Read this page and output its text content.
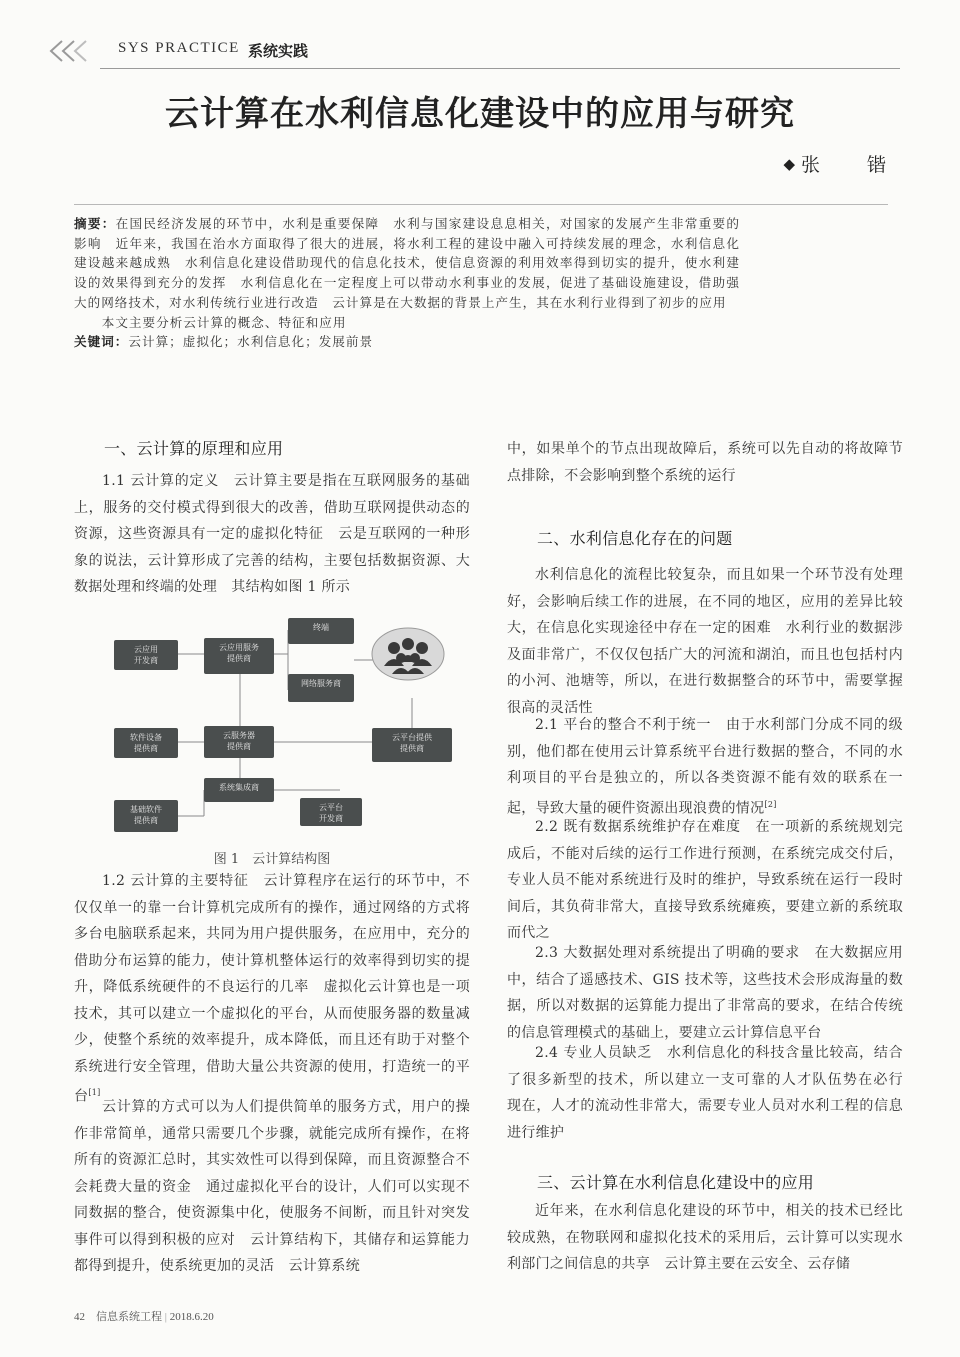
SYS PRACTICE 系统实践
云计算在水利信息化建设中的应用与研究
◆张　锴

摘要：在国民经济发展的环节中，水利是重要保障　水利与国家建设息息相关，对国家的发展产生非常重要的影响　近年来，我国在治水方面取得了很大的进展，将水利工程的建设中融入可持续发展的理念，水利信息化建设越来越成熟　水利信息化建设借助现代的信息化技术，使信息资源的利用效率得到切实的提升，使水利建设的效果得到充分的发挥　水利信息化在一定程度上可以带动水利事业的发展，促进了基础设施建设，借助强大的网络技术，对水利传统行业进行改造　云计算是在大数据的背景上产生，其在水利行业得到了初步的应用

本文主要分析云计算的概念、特征和应用

关键词：云计算；虚拟化；水利信息化；发展前景

一、云计算的原理和应用
1.1 云计算的定义　云计算主要是指在互联网服务的基础上，服务的交付模式得到很大的改善，借助互联网提供动态的资源，这些资源具有一定的虚拟化特征　云是互联网的一种形象的说法，云计算形成了完善的结构，主要包括数据资源、大数据处理和终端的处理　其结构如图 1 所示
1.2 云计算的主要特征　云计算程序在运行的环节中，不仅仅单一的靠一台计算机完成所有的操作，通过网络的方式将多台电脑联系起来，共同为用户提供服务，在应用中，充分的借助分布运算的能力，使计算机整体运行的效率得到切实的提升，降低系统硬件的不良运行的几率　虚拟化云计算也是一项技术，其可以建立一个虚拟化的平台，从而使服务器的数量减少，使整个系统的效率提升，成本降低，而且还有助于对整个系统进行安全管理，借助大量公共资源的使用，打造统一的平台[1]
云计算的方式可以为人们提供简单的服务方式，用户的操作非常简单，通常只需要几个步骤，就能完成所有操作，在将所有的资源汇总时，其实效性可以得到保障，而且资源整合不会耗费大量的资金　通过虚拟化平台的设计，人们可以实现不同数据的整合，使资源集中化，使服务不间断，而且针对突发事件可以得到积极的应对　云计算结构下，其储存和运算能力都得到提升，使系统更加的灵活　云计算系统
云应用
开发商
云应用服务
提供商
终端
网络服务商
软件设备
提供商
云服务器
提供商
云平台提供
提供商
系统集成商
基础软件
提供商
云平台
开发商
图 1　云计算结构图
中，如果单个的节点出现故障后，系统可以先自动的将故障节点排除，不会影响到整个系统的运行
二、水利信息化存在的问题
水利信息化的流程比较复杂，而且如果一个环节没有处理好，会影响后续工作的进展，在不同的地区，应用的差异比较大，在信息化实现途径中存在一定的困难　水利行业的数据涉及面非常广，不仅仅包括广大的河流和湖泊，而且也包括村内的小河、池塘等，所以，在进行数据整合的环节中，需要掌握很高的灵活性
2.1 平台的整合不利于统一　由于水利部门分成不同的级别，他们都在使用云计算系统平台进行数据的整合，不同的水利项目的平台是独立的，所以各类资源不能有效的联系在一起，导致大量的硬件资源出现浪费的情况[2]
2.2 既有数据系统维护存在难度　在一项新的系统规划完成后，不能对后续的运行工作进行预测，在系统完成交付后，专业人员不能对系统进行及时的维护，导致系统在运行一段时间后，其负荷非常大，直接导致系统瘫痪，要建立新的系统取而代之
2.3 大数据处理对系统提出了明确的要求　在大数据应用中，结合了遥感技术、GIS 技术等，这些技术会形成海量的数据，所以对数据的运算能力提出了非常高的要求，在结合传统的信息管理模式的基础上，要建立云计算信息平台
2.4 专业人员缺乏　水利信息化的科技含量比较高，结合了很多新型的技术，所以建立一支可靠的人才队伍势在必行　现在，人才的流动性非常大，需要专业人员对水利工程的信息进行维护
三、云计算在水利信息化建设中的应用
近年来，在水利信息化建设的环节中，相关的技术已经比较成熟，在物联网和虚拟化技术的采用后，云计算可以实现水利部门之间信息的共享　云计算主要在云安全、云存储
42 信息系统工程 | 2018.6.20
